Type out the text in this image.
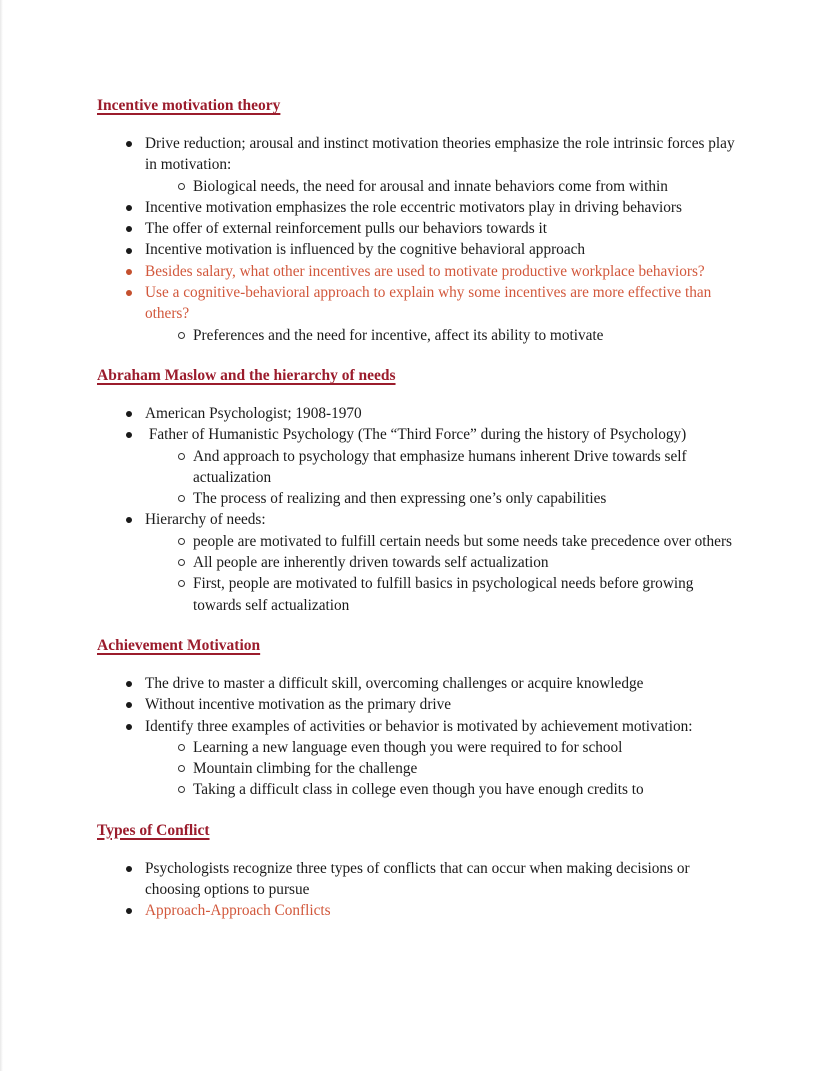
Incentive motivation theory
Drive reduction; arousal and instinct motivation theories emphasize the role intrinsic forces play in motivation:
Biological needs, the need for arousal and innate behaviors come from within
Incentive motivation emphasizes the role eccentric motivators play in driving behaviors
The offer of external reinforcement pulls our behaviors towards it
Incentive motivation is influenced by the cognitive behavioral approach
Besides salary, what other incentives are used to motivate productive workplace behaviors?
Use a cognitive-behavioral approach to explain why some incentives are more effective than others?
Preferences and the need for incentive, affect its ability to motivate
Abraham Maslow and the hierarchy of needs
American Psychologist; 1908-1970
Father of Humanistic Psychology (The “Third Force” during the history of Psychology)
And approach to psychology that emphasize humans inherent Drive towards self actualization
The process of realizing and then expressing one’s only capabilities
Hierarchy of needs:
people are motivated to fulfill certain needs but some needs take precedence over others
All people are inherently driven towards self actualization
First, people are motivated to fulfill basics in psychological needs before growing towards self actualization
Achievement Motivation
The drive to master a difficult skill, overcoming challenges or acquire knowledge
Without incentive motivation as the primary drive
Identify three examples of activities or behavior is motivated by achievement motivation:
Learning a new language even though you were required to for school
Mountain climbing for the challenge
Taking a difficult class in college even though you have enough credits to
Types of Conflict
Psychologists recognize three types of conflicts that can occur when making decisions or choosing options to pursue
Approach-Approach Conflicts
